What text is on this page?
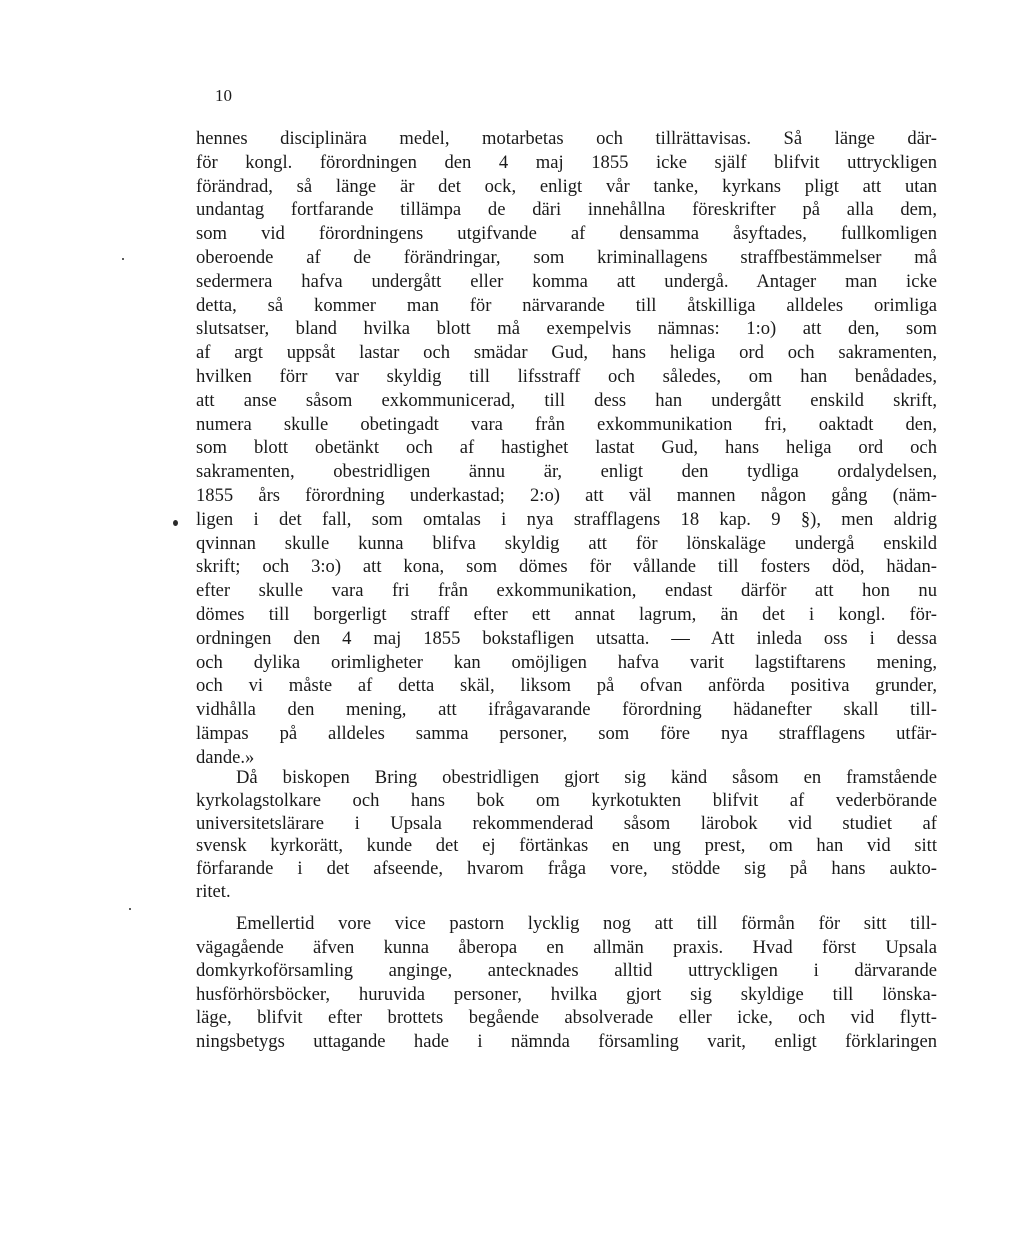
10
hennes disciplinära medel, motarbetas och tillrättavisas. Så länge där-
för kongl. förordningen den 4 maj 1855 icke själf blifvit uttryckligen
förändrad, så länge är det ock, enligt vår tanke, kyrkans pligt att utan
undantag fortfarande tillämpa de däri innehållna föreskrifter på alla dem,
som vid förordningens utgifvande af densamma åsyftades, fullkomligen
oberoende af de förändringar, som kriminallagens straffbestämmelser må
sedermera hafva undergått eller komma att undergå. Antager man icke
detta, så kommer man för närvarande till åtskilliga alldeles orimliga
slutsatser, bland hvilka blott må exempelvis nämnas: 1:o) att den, som
af argt uppsåt lastar och smädar Gud, hans heliga ord och sakramenten,
hvilken förr var skyldig till lifsstraff och således, om han benådades,
att anse såsom exkommunicerad, till dess han undergått enskild skrift,
numera skulle obetingadt vara från exkommunikation fri, oaktadt den,
som blott obetänkt och af hastighet lastat Gud, hans heliga ord och
sakramenten, obestridligen ännu är, enligt den tydliga ordalydelsen,
1855 års förordning underkastad; 2:o) att väl mannen någon gång (näm-
ligen i det fall, som omtalas i nya strafflagens 18 kap. 9 §), men aldrig
qvinnan skulle kunna blifva skyldig att för lönskaläge undergå enskild
skrift; och 3:o) att kona, som dömes för vållande till fosters död, hädan-
efter skulle vara fri från exkommunikation, endast därför att hon nu
dömes till borgerligt straff efter ett annat lagrum, än det i kongl. för-
ordningen den 4 maj 1855 bokstafligen utsatta. — Att inleda oss i dessa
och dylika orimligheter kan omöjligen hafva varit lagstiftarens mening,
och vi måste af detta skäl, liksom på ofvan anförda positiva grunder,
vidhålla den mening, att ifrågavarande förordning hädanefter skall till-
lämpas på alldeles samma personer, som före nya strafflagens utfär-
dande.»
Då biskopen Bring obestridligen gjort sig känd såsom en framstående
kyrkolagstolkare och hans bok om kyrkotukten blifvit af vederbörande
universitetslärare i Upsala rekommenderad såsom lärobok vid studiet af
svensk kyrkorätt, kunde det ej förtänkas en ung prest, om han vid sitt
förfarande i det afseende, hvarom fråga vore, stödde sig på hans aukto-
ritet.
Emellertid vore vice pastorn lycklig nog att till förmån för sitt till-
vägagående äfven kunna åberopa en allmän praxis. Hvad först Upsala
domkyrkoförsamling anginge, antecknades alltid uttryckligen i därvarande
husförhörsböcker, huruvida personer, hvilka gjort sig skyldige till lönska-
läge, blifvit efter brottets begående absolverade eller icke, och vid flytt-
ningsbetygs uttagande hade i nämnda församling varit, enligt förklaringen
